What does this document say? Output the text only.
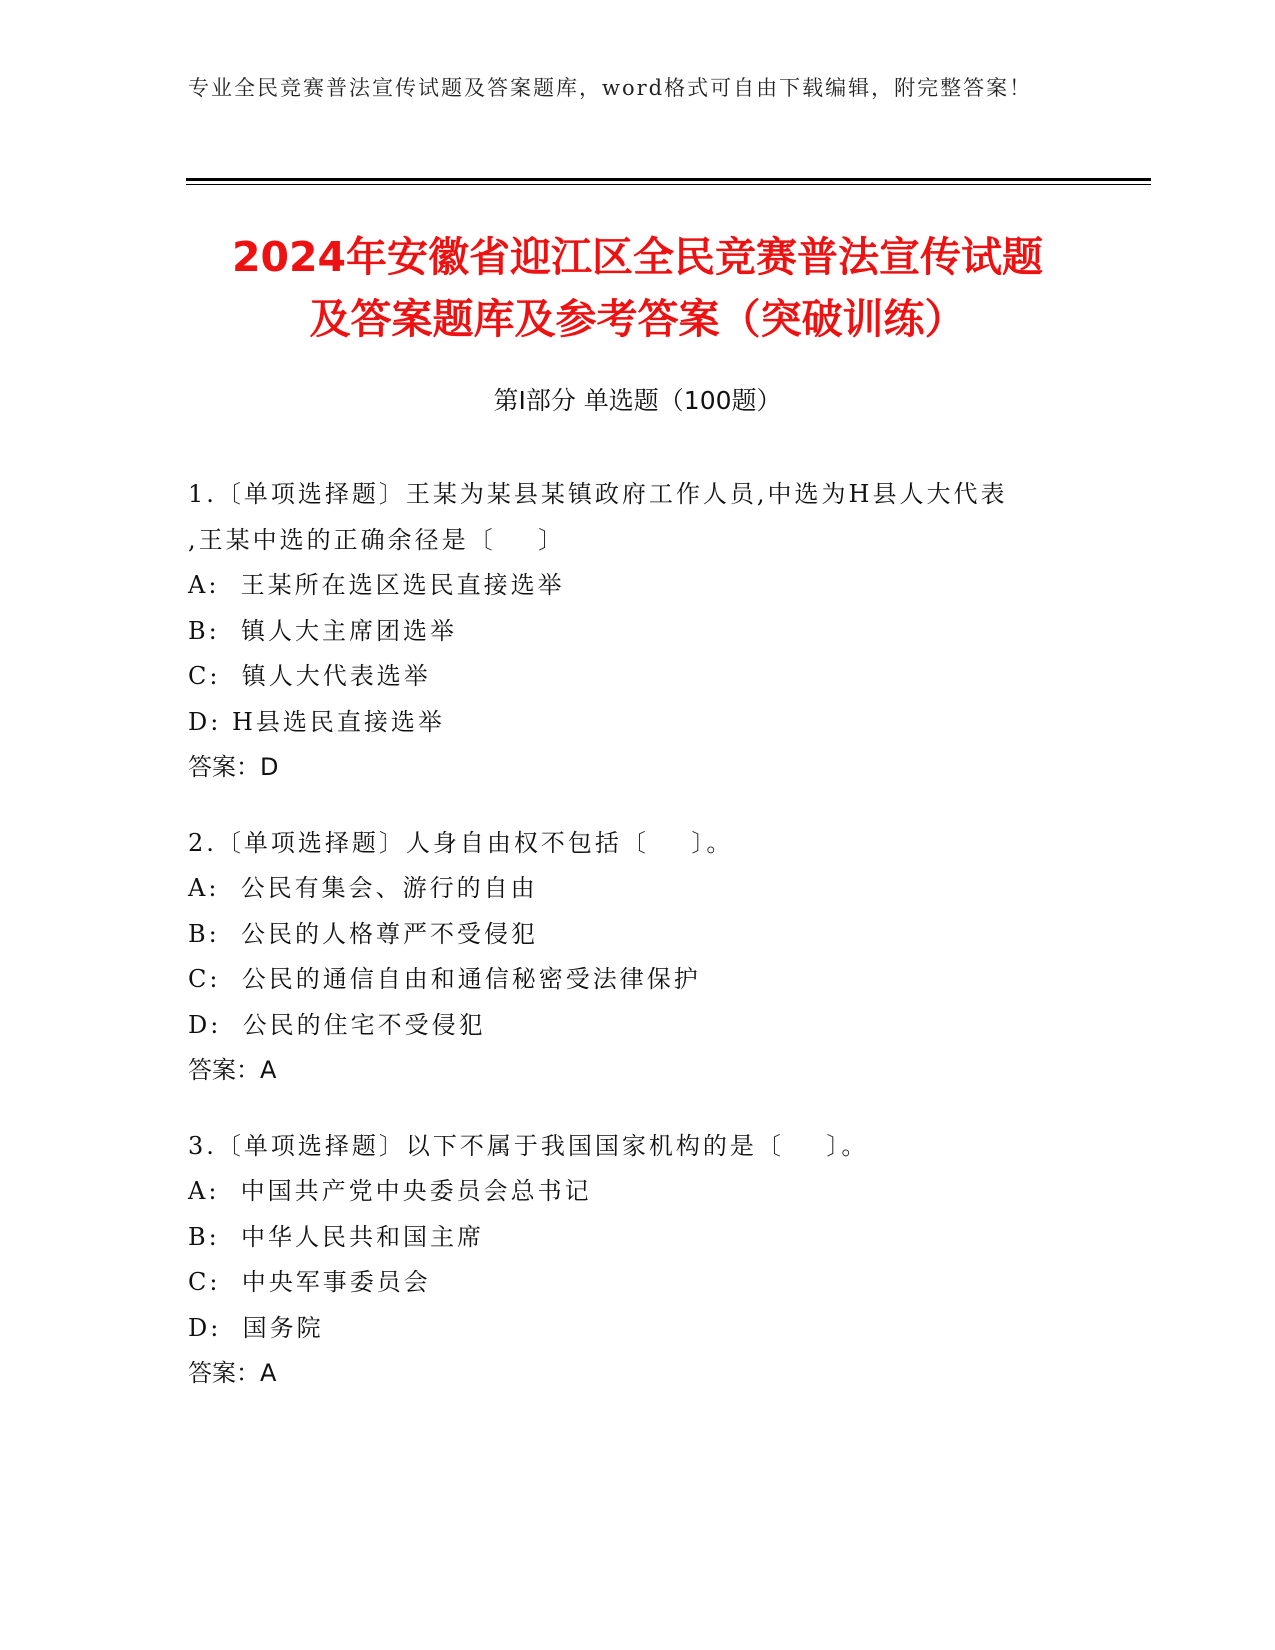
专业全民竞赛普法宣传试题及答案题库，word格式可自由下载编辑，附完整答案！
2024年安徽省迎江区全民竞赛普法宣传试题
及答案题库及参考答案（突破训练）
第Ⅰ部分 单选题（100题）
1.〔单项选择题〕王某为某县某镇政府工作人员,中选为H县人大代表
,王某中选的正确余径是〔    〕
A:  王某所在选区选民直接选举
B:  镇人大主席团选举
C:  镇人大代表选举
D: H县选民直接选举
答案：D
2.〔单项选择题〕人身自由权不包括〔    〕。
A:  公民有集会、游行的自由
B:  公民的人格尊严不受侵犯
C:  公民的通信自由和通信秘密受法律保护
D:  公民的住宅不受侵犯
答案：A
3.〔单项选择题〕以下不属于我国国家机构的是〔    〕。
A:  中国共产党中央委员会总书记
B:  中华人民共和国主席
C:  中央军事委员会
D:  国务院
答案：A
